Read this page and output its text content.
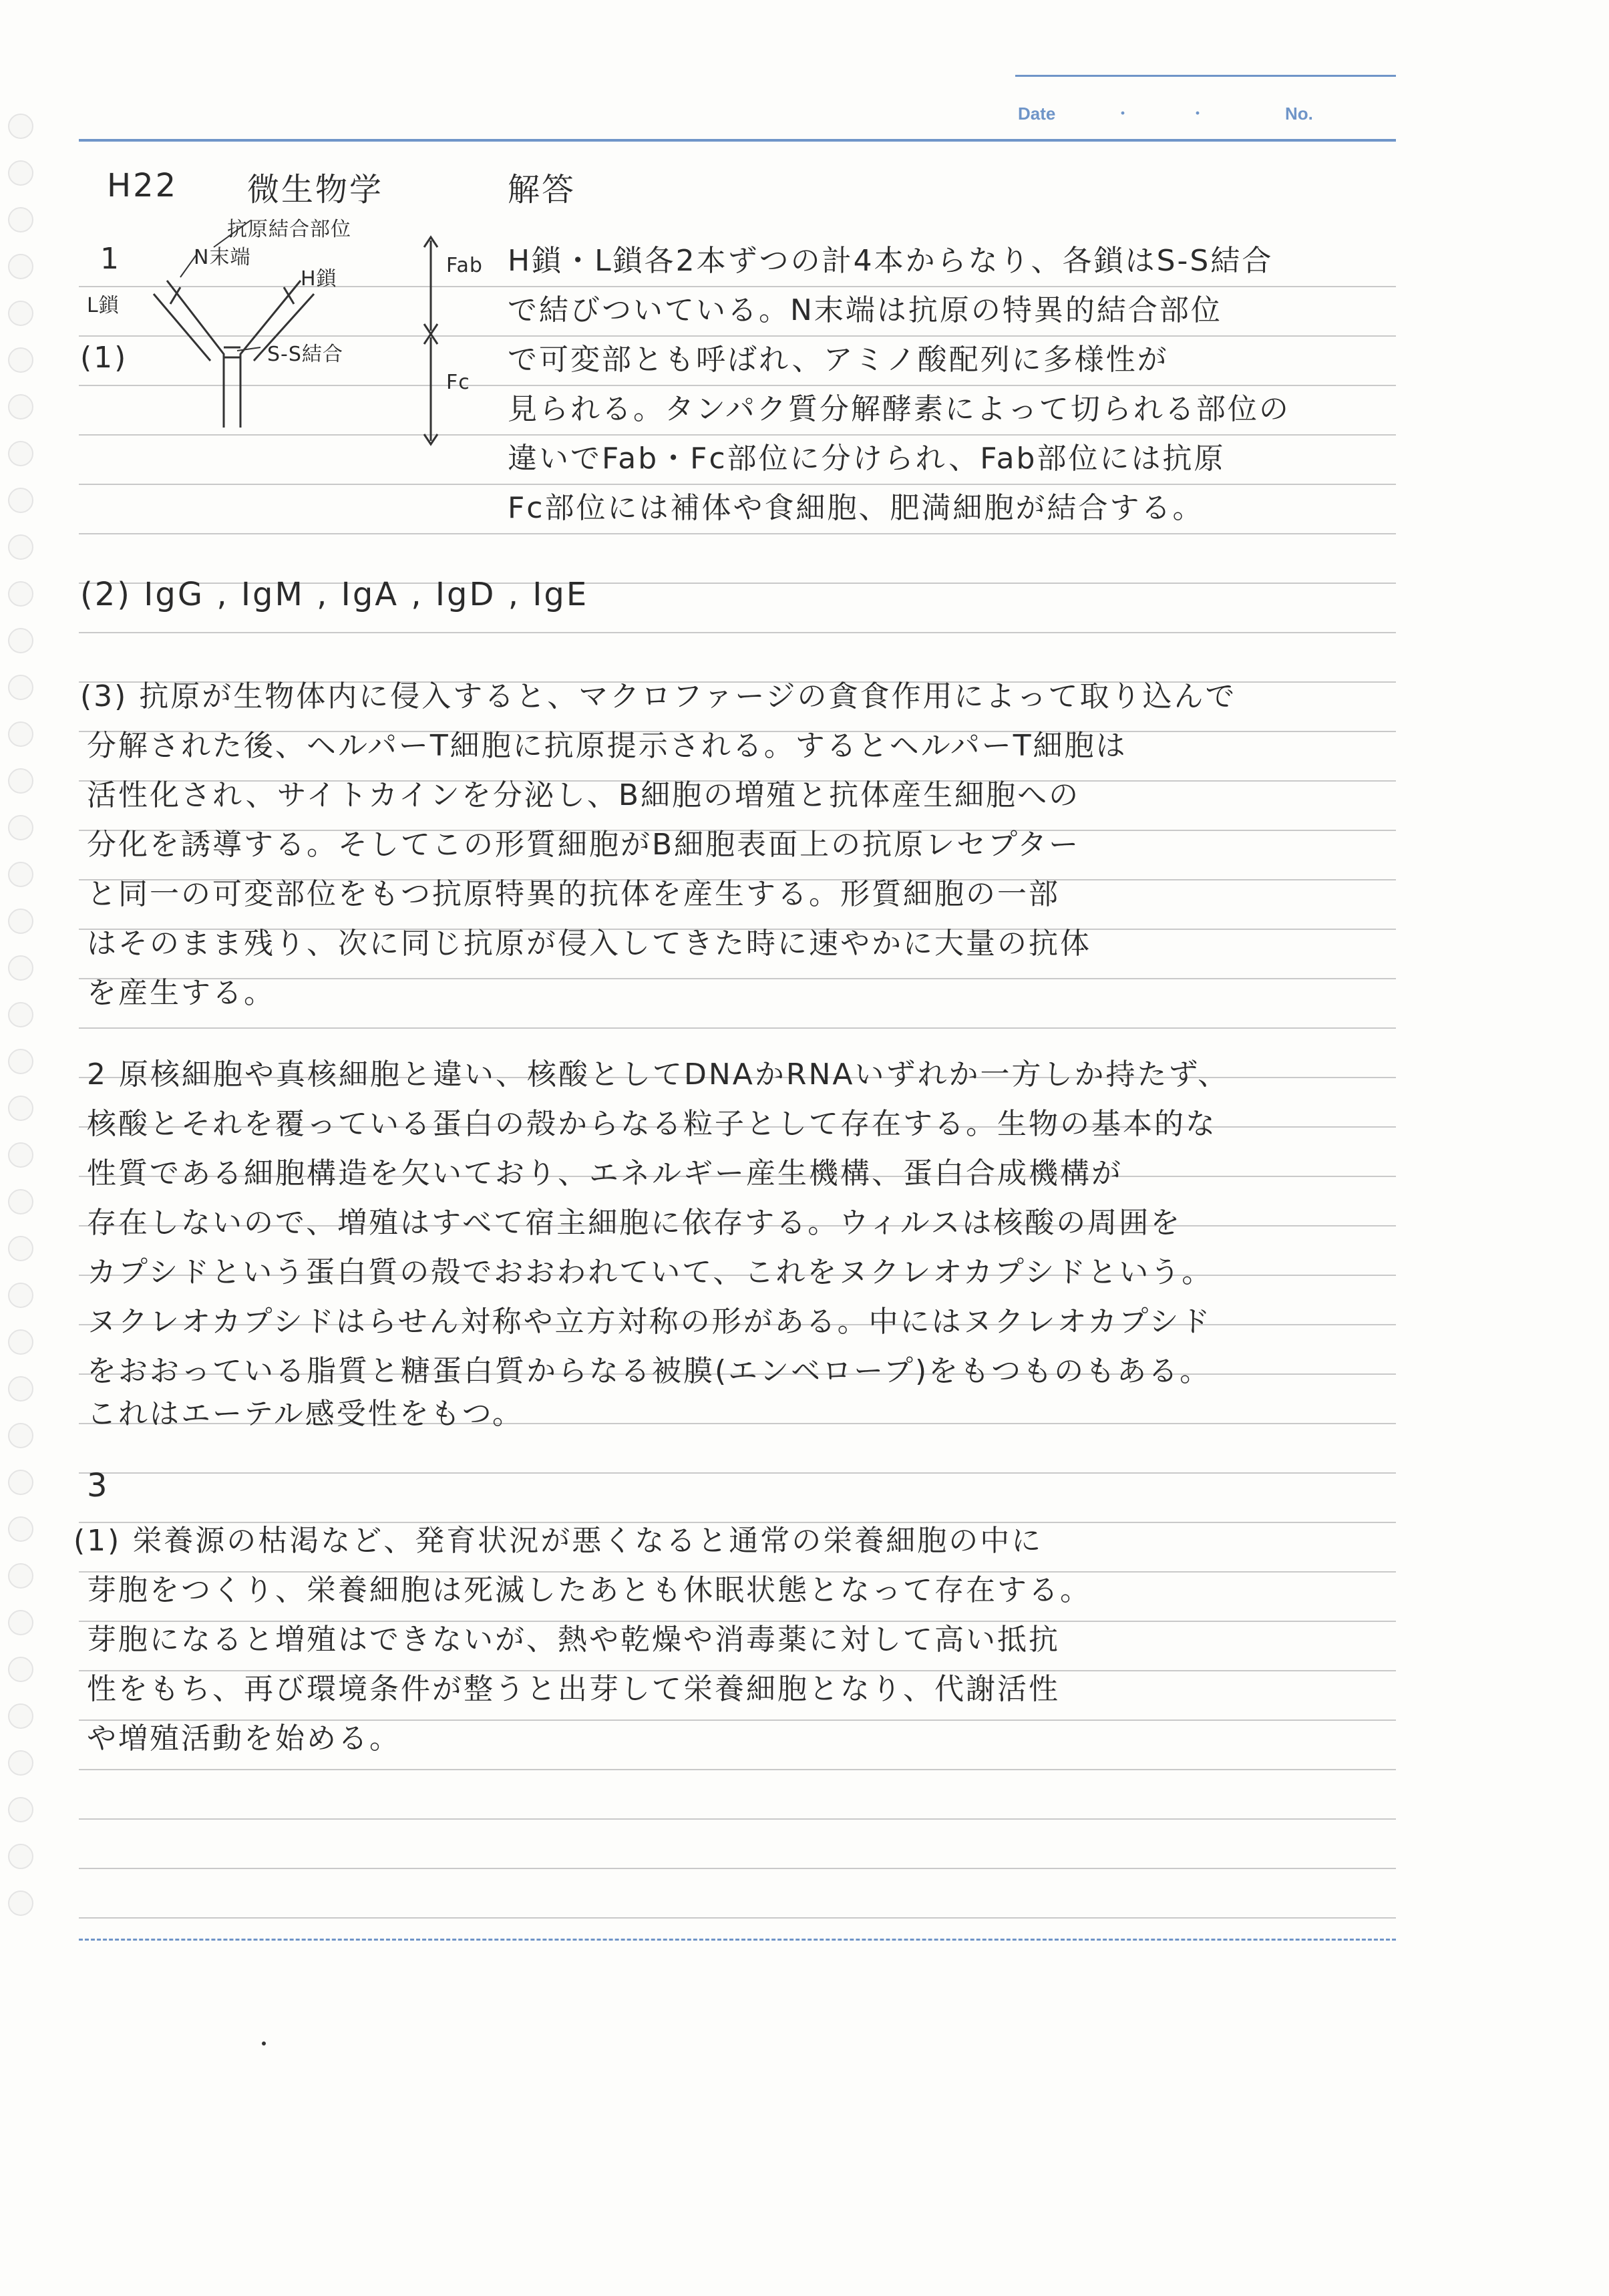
Date	・	・	No.
H22 微生物学	解答
1
(1)
抗原結合部位
N末端
H鎖
L鎖
S-S結合
Fab
Fc
H鎖・L鎖各2本ずつの計4本からなり、各鎖はS-S結合
で結びついている。N末端は抗原の特異的結合部位
で可変部とも呼ばれ、アミノ酸配列に多様性が
見られる。タンパク質分解酵素によって切られる部位の
違いでFab・Fc部位に分けられ、Fab部位には抗原
Fc部位には補体や食細胞、肥満細胞が結合する。
(2) IgG , IgM , IgA , IgD , IgE
(3) 抗原が生物体内に侵入すると、マクロファージの貪食作用によって取り込んで
分解された後、ヘルパーT細胞に抗原提示される。するとヘルパーT細胞は
活性化され、サイトカインを分泌し、B細胞の増殖と抗体産生細胞への
分化を誘導する。そしてこの形質細胞がB細胞表面上の抗原レセプター
と同一の可変部位をもつ抗原特異的抗体を産生する。形質細胞の一部
はそのまま残り、次に同じ抗原が侵入してきた時に速やかに大量の抗体
を産生する。
2 原核細胞や真核細胞と違い、核酸としてDNAかRNAいずれか一方しか持たず、
核酸とそれを覆っている蛋白の殻からなる粒子として存在する。生物の基本的な
性質である細胞構造を欠いており、エネルギー産生機構、蛋白合成機構が
存在しないので、増殖はすべて宿主細胞に依存する。ウィルスは核酸の周囲を
カプシドという蛋白質の殻でおおわれていて、これをヌクレオカプシドという。
ヌクレオカプシドはらせん対称や立方対称の形がある。中にはヌクレオカプシド
をおおっている脂質と糖蛋白質からなる被膜(エンベロープ)をもつものもある。
これはエーテル感受性をもつ。
3
(1) 栄養源の枯渇など、発育状況が悪くなると通常の栄養細胞の中に
芽胞をつくり、栄養細胞は死滅したあとも休眠状態となって存在する。
芽胞になると増殖はできないが、熱や乾燥や消毒薬に対して高い抵抗
性をもち、再び環境条件が整うと出芽して栄養細胞となり、代謝活性
や増殖活動を始める。
